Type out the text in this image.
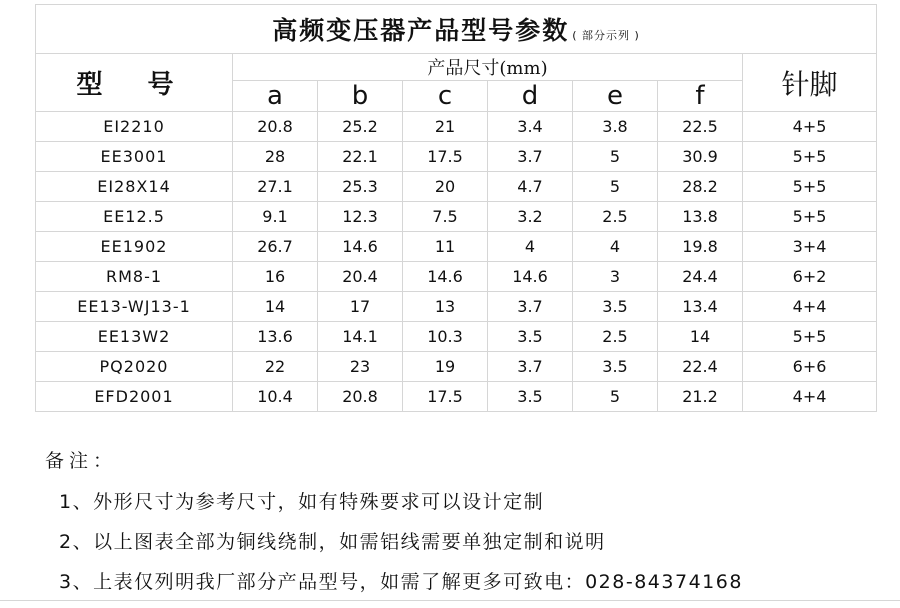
高频变压器产品型号参数 ( 部分示列 )							
型 号	产品尺寸(mm)						针脚
	a	b	c	d	e	f	
EI2210	20.8	25.2	21	3.4	3.8	22.5	4+5
EE3001	28	22.1	17.5	3.7	5	30.9	5+5
EI28X14	27.1	25.3	20	4.7	5	28.2	5+5
EE12.5	9.1	12.3	7.5	3.2	2.5	13.8	5+5
EE1902	26.7	14.6	11	4	4	19.8	3+4
RM8-1	16	20.4	14.6	14.6	3	24.4	6+2
EE13-WJ13-1	14	17	13	3.7	3.5	13.4	4+4
EE13W2	13.6	14.1	10.3	3.5	2.5	14	5+5
PQ2020	22	23	19	3.7	3.5	22.4	6+6
EFD2001	10.4	20.8	17.5	3.5	5	21.2	4+4
备注：
1、外形尺寸为参考尺寸，如有特殊要求可以设计定制
2、以上图表全部为铜线绕制，如需铝线需要单独定制和说明
3、上表仅列明我厂部分产品型号，如需了解更多可致电：028-84374168
